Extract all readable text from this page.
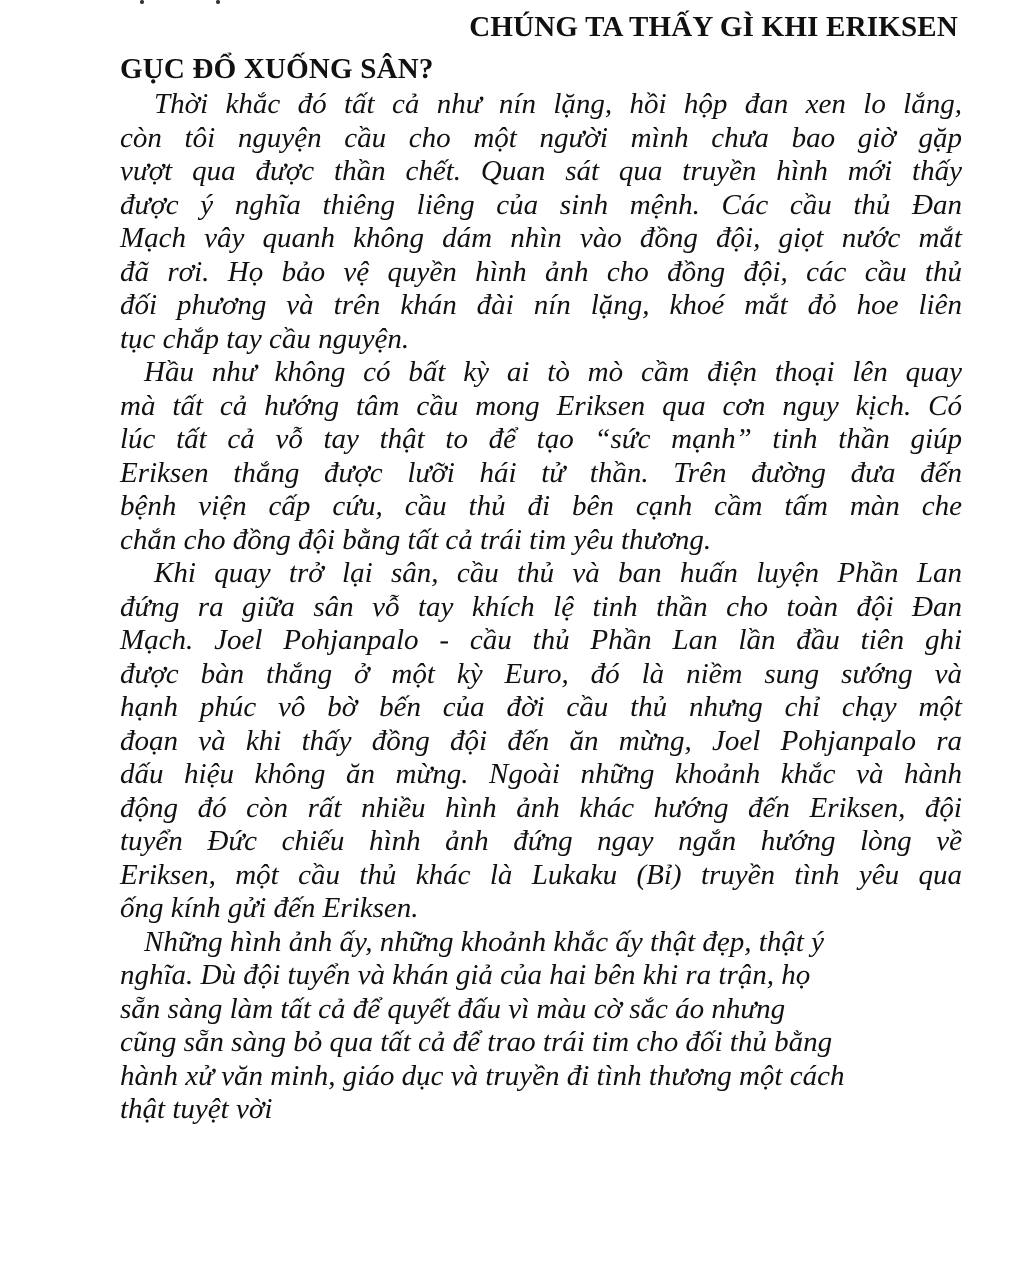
CHÚNG TA THẤY GÌ KHI ERIKSEN
GỤC ĐỔ XUỐNG SÂN?

Thời khắc đó tất cả như nín lặng, hồi hộp đan xen lo lắng,
còn tôi nguyện cầu cho một người mình chưa bao giờ gặp
vượt qua được thần chết. Quan sát qua truyền hình mới thấy
được ý nghĩa thiêng liêng của sinh mệnh. Các cầu thủ Đan
Mạch vây quanh không dám nhìn vào đồng đội, giọt nước mắt
đã rơi. Họ bảo vệ quyền hình ảnh cho đồng đội, các cầu thủ
đối phương và trên khán đài nín lặng, khoé mắt đỏ hoe liên
tục chắp tay cầu nguyện.

Hầu như không có bất kỳ ai tò mò cầm điện thoại lên quay
mà tất cả hướng tâm cầu mong Eriksen qua cơn nguy kịch. Có
lúc tất cả vỗ tay thật to để tạo “sức mạnh” tinh thần giúp
Eriksen thắng được lưỡi hái tử thần. Trên đường đưa đến
bệnh viện cấp cứu, cầu thủ đi bên cạnh cầm tấm màn che
chắn cho đồng đội bằng tất cả trái tim yêu thương.

Khi quay trở lại sân, cầu thủ và ban huấn luyện Phần Lan
đứng ra giữa sân vỗ tay khích lệ tinh thần cho toàn đội Đan
Mạch. Joel Pohjanpalo - cầu thủ Phần Lan lần đầu tiên ghi
được bàn thắng ở một kỳ Euro, đó là niềm sung sướng và
hạnh phúc vô bờ bến của đời cầu thủ nhưng chỉ chạy một
đoạn và khi thấy đồng đội đến ăn mừng, Joel Pohjanpalo ra
dấu hiệu không ăn mừng. Ngoài những khoảnh khắc và hành
động đó còn rất nhiều hình ảnh khác hướng đến Eriksen, đội
tuyển Đức chiếu hình ảnh đứng ngay ngắn hướng lòng về
Eriksen, một cầu thủ khác là Lukaku (Bỉ) truyền tình yêu qua
ống kính gửi đến Eriksen.

Những hình ảnh ấy, những khoảnh khắc ấy thật đẹp, thật ý
nghĩa. Dù đội tuyển và khán giả của hai bên khi ra trận, họ
sẵn sàng làm tất cả để quyết đấu vì màu cờ sắc áo nhưng
cũng sẵn sàng bỏ qua tất cả để trao trái tim cho đối thủ bằng
hành xử văn minh, giáo dục và truyền đi tình thương một cách
thật tuyệt vời
